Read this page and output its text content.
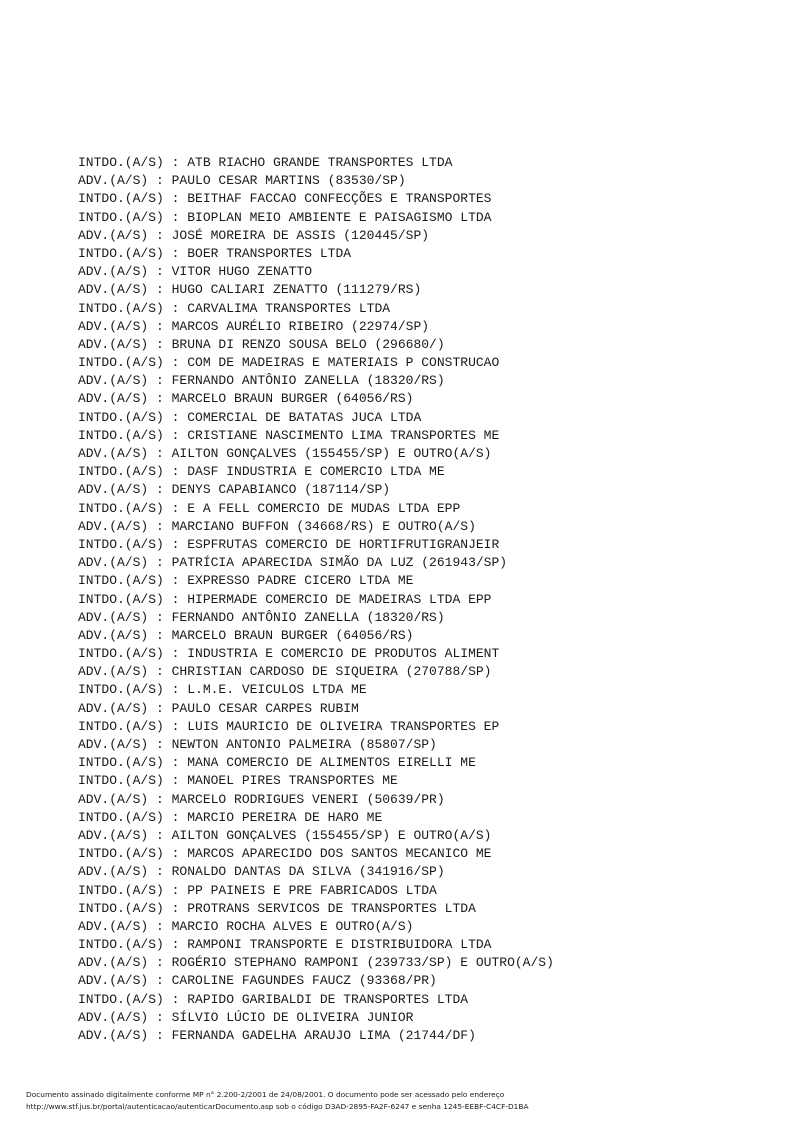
INTDO.(A/S) : ATB RIACHO GRANDE TRANSPORTES LTDA
ADV.(A/S) : PAULO CESAR MARTINS (83530/SP)
INTDO.(A/S) : BEITHAF FACCAO CONFECÇÕES E TRANSPORTES
INTDO.(A/S) : BIOPLAN MEIO AMBIENTE E PAISAGISMO LTDA
ADV.(A/S) : JOSÉ MOREIRA DE ASSIS (120445/SP)
INTDO.(A/S) : BOER TRANSPORTES LTDA
ADV.(A/S) : VITOR HUGO ZENATTO
ADV.(A/S) : HUGO CALIARI ZENATTO (111279/RS)
INTDO.(A/S) : CARVALIMA TRANSPORTES LTDA
ADV.(A/S) : MARCOS AURÉLIO RIBEIRO (22974/SP)
ADV.(A/S) : BRUNA DI RENZO SOUSA BELO (296680/)
INTDO.(A/S) : COM DE MADEIRAS E MATERIAIS P CONSTRUCAO
ADV.(A/S) : FERNANDO ANTÔNIO ZANELLA (18320/RS)
ADV.(A/S) : MARCELO BRAUN BURGER (64056/RS)
INTDO.(A/S) : COMERCIAL DE BATATAS JUCA LTDA
INTDO.(A/S) : CRISTIANE NASCIMENTO LIMA TRANSPORTES ME
ADV.(A/S) : AILTON GONÇALVES (155455/SP) E OUTRO(A/S)
INTDO.(A/S) : DASF INDUSTRIA E COMERCIO LTDA ME
ADV.(A/S) : DENYS CAPABIANCO (187114/SP)
INTDO.(A/S) : E A FELL COMERCIO DE MUDAS LTDA EPP
ADV.(A/S) : MARCIANO BUFFON (34668/RS) E OUTRO(A/S)
INTDO.(A/S) : ESPFRUTAS COMERCIO DE HORTIFRUTIGRANJEIR
ADV.(A/S) : PATRÍCIA APARECIDA SIMÃO DA LUZ (261943/SP)
INTDO.(A/S) : EXPRESSO PADRE CICERO LTDA ME
INTDO.(A/S) : HIPERMADE COMERCIO DE MADEIRAS LTDA EPP
ADV.(A/S) : FERNANDO ANTÔNIO ZANELLA (18320/RS)
ADV.(A/S) : MARCELO BRAUN BURGER (64056/RS)
INTDO.(A/S) : INDUSTRIA E COMERCIO DE PRODUTOS ALIMENT
ADV.(A/S) : CHRISTIAN CARDOSO DE SIQUEIRA (270788/SP)
INTDO.(A/S) : L.M.E. VEICULOS LTDA ME
ADV.(A/S) : PAULO CESAR CARPES RUBIM
INTDO.(A/S) : LUIS MAURICIO DE OLIVEIRA TRANSPORTES EP
ADV.(A/S) : NEWTON ANTONIO PALMEIRA (85807/SP)
INTDO.(A/S) : MANA COMERCIO DE ALIMENTOS EIRELLI ME
INTDO.(A/S) : MANOEL PIRES TRANSPORTES ME
ADV.(A/S) : MARCELO RODRIGUES VENERI (50639/PR)
INTDO.(A/S) : MARCIO PEREIRA DE HARO ME
ADV.(A/S) : AILTON GONÇALVES (155455/SP) E OUTRO(A/S)
INTDO.(A/S) : MARCOS APARECIDO DOS SANTOS MECANICO ME
ADV.(A/S) : RONALDO DANTAS DA SILVA (341916/SP)
INTDO.(A/S) : PP PAINEIS E PRE FABRICADOS LTDA
INTDO.(A/S) : PROTRANS SERVICOS DE TRANSPORTES LTDA
ADV.(A/S) : MARCIO ROCHA ALVES E OUTRO(A/S)
INTDO.(A/S) : RAMPONI TRANSPORTE E DISTRIBUIDORA LTDA
ADV.(A/S) : ROGÉRIO STEPHANO RAMPONI (239733/SP) E OUTRO(A/S)
ADV.(A/S) : CAROLINE FAGUNDES FAUCZ (93368/PR)
INTDO.(A/S) : RAPIDO GARIBALDI DE TRANSPORTES LTDA
ADV.(A/S) : SÍLVIO LÚCIO DE OLIVEIRA JUNIOR
ADV.(A/S) : FERNANDA GADELHA ARAUJO LIMA (21744/DF)
Documento assinado digitalmente conforme MP n° 2.200-2/2001 de 24/08/2001. O documento pode ser acessado pelo endereço
http://www.stf.jus.br/portal/autenticacao/autenticarDocumento.asp sob o código D3AD-2895-FA2F-6247 e senha 1245-EEBF-C4CF-D1BA
